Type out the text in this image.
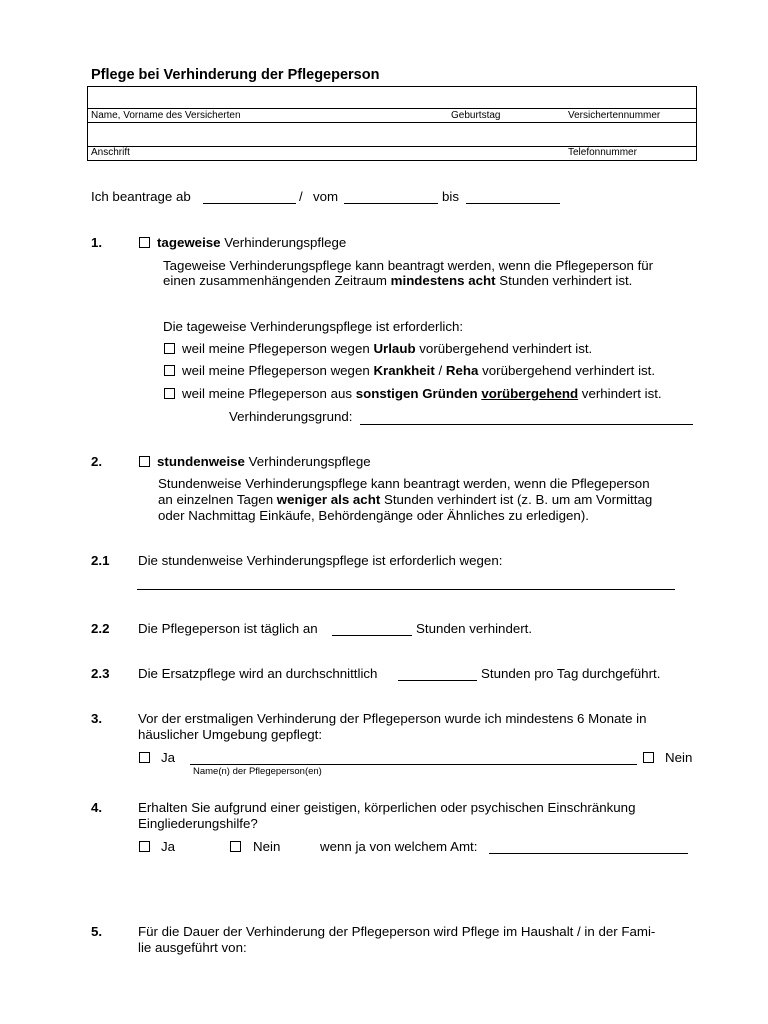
Pflege bei Verhinderung der Pflegeperson
Name, Vorname des Versicherten	Geburtstag	Versichertennummer
Anschrift	Telefonnummer
Ich beantrage ab	/ vom	bis
1.	tageweise Verhinderungspflege
Tageweise Verhinderungspflege kann beantragt werden, wenn die Pflegeperson für
einen zusammenhängenden Zeitraum mindestens acht Stunden verhindert ist.
Die tageweise Verhinderungspflege ist erforderlich:
weil meine Pflegeperson wegen Urlaub vorübergehend verhindert ist.
weil meine Pflegeperson wegen Krankheit / Reha vorübergehend verhindert ist.
weil meine Pflegeperson aus sonstigen Gründen vorübergehend verhindert ist.
Verhinderungsgrund:
2.	stundenweise Verhinderungspflege
Stundenweise Verhinderungspflege kann beantragt werden, wenn die Pflegeperson
an einzelnen Tagen weniger als acht Stunden verhindert ist (z. B. um am Vormittag
oder Nachmittag Einkäufe, Behördengänge oder Ähnliches zu erledigen).
2.1 Die stundenweise Verhinderungspflege ist erforderlich wegen:
2.2 Die Pflegeperson ist täglich an	Stunden verhindert.
2.3 Die Ersatzpflege wird an durchschnittlich	Stunden pro Tag durchgeführt.
3.	Vor der erstmaligen Verhinderung der Pflegeperson wurde ich mindestens 6 Monate in
häuslicher Umgebung gepflegt:
Ja	Nein
Name(n) der Pflegeperson(en)
4.	Erhalten Sie aufgrund einer geistigen, körperlichen oder psychischen Einschränkung
Eingliederungshilfe?
Ja	Nein	wenn ja von welchem Amt:
5.	Für die Dauer der Verhinderung der Pflegeperson wird Pflege im Haushalt / in der Fami-
lie ausgeführt von:
